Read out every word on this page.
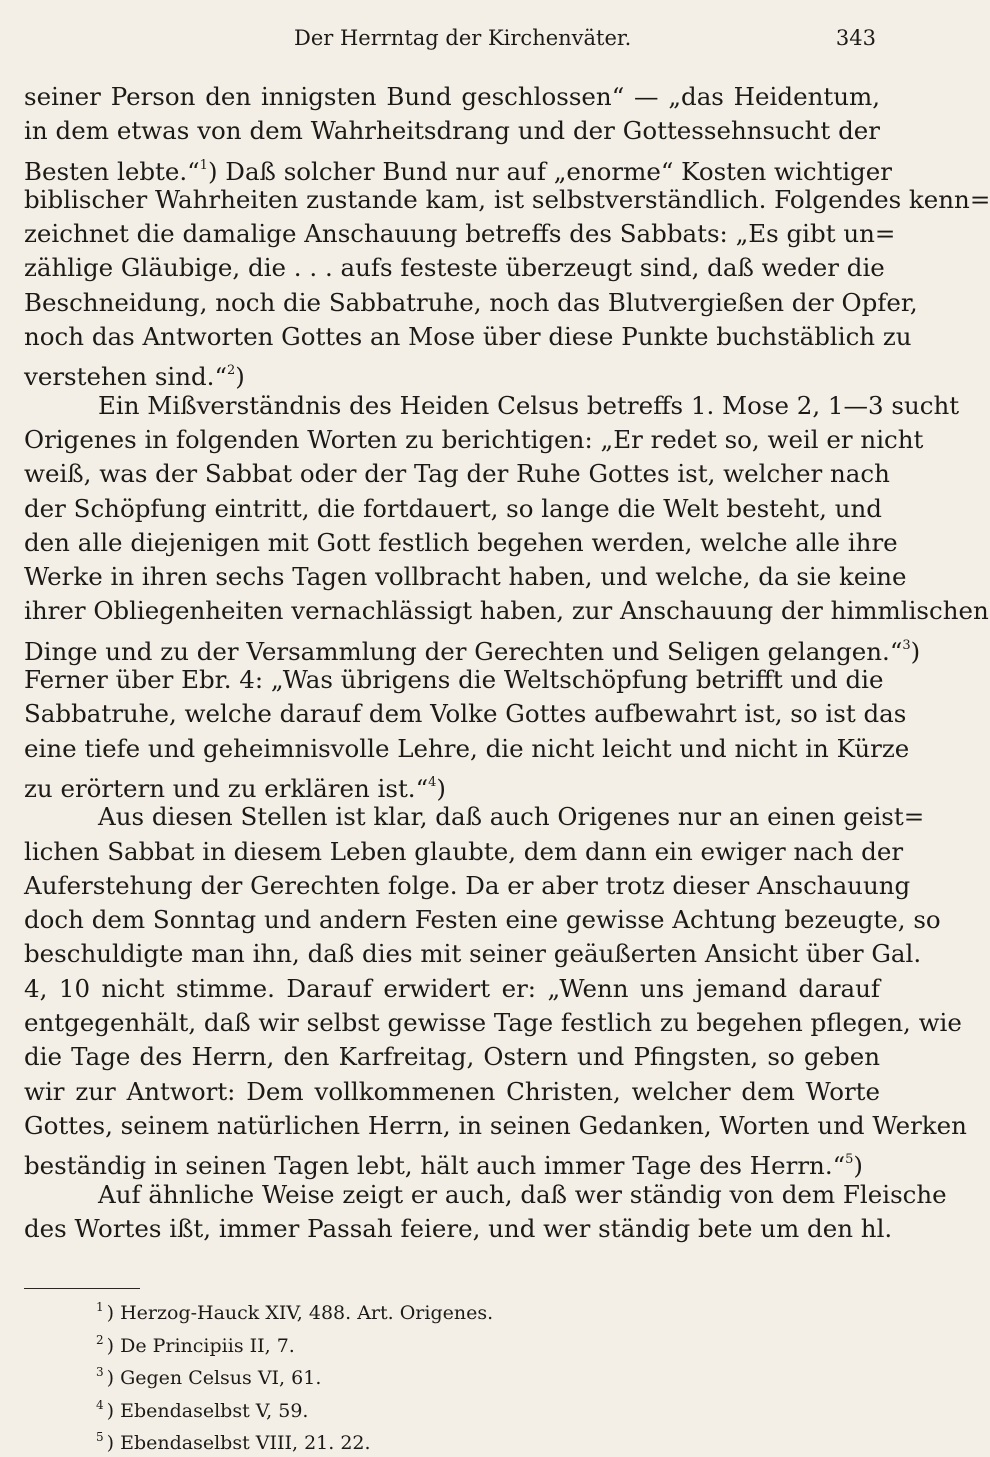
Der Herrntag der Kirchenväter.	343
seiner Person den innigsten Bund geschlossen“ — „das Heidentum,
in dem etwas von dem Wahrheitsdrang und der Gottessehnsucht der
Besten lebte.“$^1$) Daß solcher Bund nur auf „enorme“ Kosten wichtiger
biblischer Wahrheiten zustande kam, ist selbstverständlich. Folgendes kenn=
zeichnet die damalige Anschauung betreffs des Sabbats: „Es gibt un=
zählige Gläubige, die . . . aufs festeste überzeugt sind, daß weder die
Beschneidung, noch die Sabbatruhe, noch das Blutvergießen der Opfer,
noch das Antworten Gottes an Mose über diese Punkte buchstäblich zu
verstehen sind.“$^2$)
Ein Mißverständnis des Heiden Celsus betreffs 1. Mose 2, 1—3 sucht
Origenes in folgenden Worten zu berichtigen: „Er redet so, weil er nicht
weiß, was der Sabbat oder der Tag der Ruhe Gottes ist, welcher nach
der Schöpfung eintritt, die fortdauert, so lange die Welt besteht, und
den alle diejenigen mit Gott festlich begehen werden, welche alle ihre
Werke in ihren sechs Tagen vollbracht haben, und welche, da sie keine
ihrer Obliegenheiten vernachlässigt haben, zur Anschauung der himmlischen
Dinge und zu der Versammlung der Gerechten und Seligen gelangen.“$^3$)
Ferner über Ebr. 4: „Was übrigens die Weltschöpfung betrifft und die
Sabbatruhe, welche darauf dem Volke Gottes aufbewahrt ist, so ist das
eine tiefe und geheimnisvolle Lehre, die nicht leicht und nicht in Kürze
zu erörtern und zu erklären ist.“$^4$)
Aus diesen Stellen ist klar, daß auch Origenes nur an einen geist=
lichen Sabbat in diesem Leben glaubte, dem dann ein ewiger nach der
Auferstehung der Gerechten folge. Da er aber trotz dieser Anschauung
doch dem Sonntag und andern Festen eine gewisse Achtung bezeugte, so
beschuldigte man ihn, daß dies mit seiner geäußerten Ansicht über Gal.
4, 10 nicht stimme. Darauf erwidert er: „Wenn uns jemand darauf
entgegenhält, daß wir selbst gewisse Tage festlich zu begehen pflegen, wie
die Tage des Herrn, den Karfreitag, Ostern und Pfingsten, so geben
wir zur Antwort: Dem vollkommenen Christen, welcher dem Worte
Gottes, seinem natürlichen Herrn, in seinen Gedanken, Worten und Werken
beständig in seinen Tagen lebt, hält auch immer Tage des Herrn.“$^5$)
Auf ähnliche Weise zeigt er auch, daß wer ständig von dem Fleische
des Wortes ißt, immer Passah feiere, und wer ständig bete um den hl.
$^1$ ) Herzog-Hauck XIV, 488. Art. Origenes.
$^2$ ) De Principiis II, 7.
$^3$ ) Gegen Celsus VI, 61.
$^4$ ) Ebendaselbst V, 59.
$^5$ ) Ebendaselbst VIII, 21. 22.
